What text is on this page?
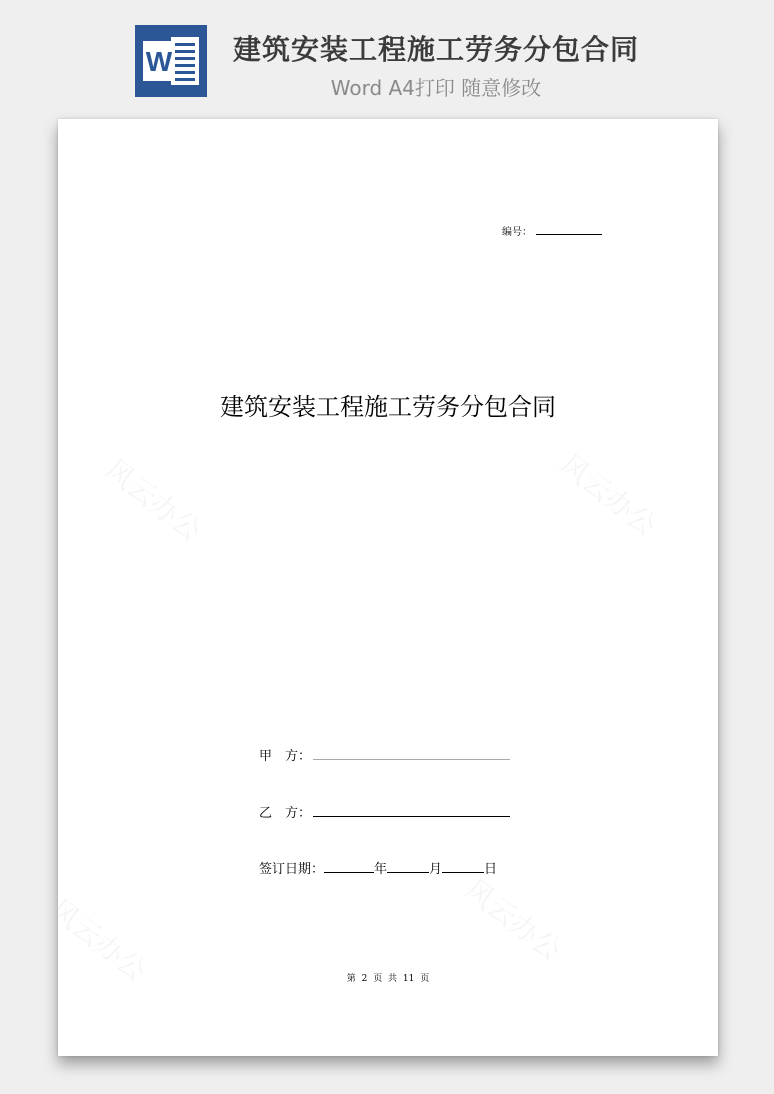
W 建筑安装工程施工劳务分包合同
Word A4打印 随意修改
编号：
建筑安装工程施工劳务分包合同
甲　方：
乙　方：
签订日期：	年	月	日
第 2 页 共 11 页
